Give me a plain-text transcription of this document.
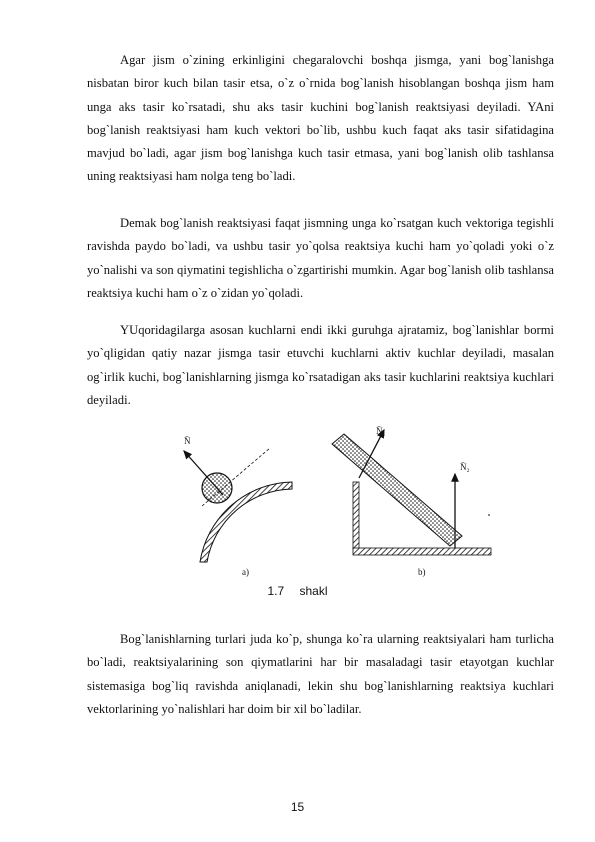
Agar jism o`zining erkinligini chegaralovchi boshqa jismga, yani bog`lanishga nisbatan biror kuch bilan tasir etsa, o`z o`rnida bog`lanish hisoblangan boshqa jism ham unga aks tasir ko`rsatadi, shu aks tasir kuchini bog`lanish reaktsiyasi deyiladi. YAni bog`lanish reaktsiyasi ham kuch vektori bo`lib, ushbu kuch faqat aks tasir sifatidagina mavjud bo`ladi, agar jism bog`lanishga kuch tasir etmasa, yani bog`lanish olib tashlansa uning reaktsiyasi ham nolga teng bo`ladi.

Demak bog`lanish reaktsiyasi faqat jismning unga ko`rsatgan kuch vektoriga tegishli ravishda paydo bo`ladi, va ushbu tasir yo`qolsa reaktsiya kuchi ham yo`qoladi yoki o`z yo`nalishi va son qiymatini tegishlicha o`zgartirishi mumkin. Agar bog`lanish olib tashlansa reaktsiya kuchi ham o`z o`zidan yo`qoladi.

YUqoridagilarga asosan kuchlarni endi ikki guruhga ajratamiz, bog`lanishlar bormi yo`qligidan qatiy nazar jismga tasir etuvchi kuchlarni aktiv kuchlar deyiladi, masalan og`irlik kuchi, bog`lanishlarning jismga ko`rsatadigan aks tasir kuchlarini reaktsiya kuchlari deyiladi.

N̄
a)
N̄₁
N̄₂
b)
1.7 shakl

Bog`lanishlarning turlari juda ko`p, shunga ko`ra ularning reaktsiyalari ham turlicha bo`ladi, reaktsiyalarining son qiymatlarini har bir masaladagi tasir etayotgan kuchlar sistemasiga bog`liq ravishda aniqlanadi, lekin shu bog`lanishlarning reaktsiya kuchlari vektorlarining yo`nalishlari har doim bir xil bo`ladilar.

15
